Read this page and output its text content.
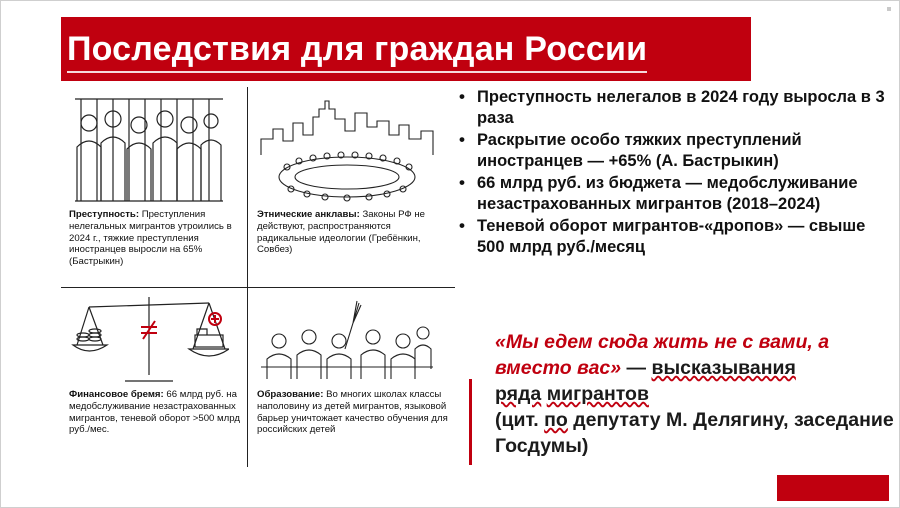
Последствия для граждан России
Преступность: Преступления нелегальных мигрантов утроились в 2024 г., тяжкие преступления иностранцев выросли на 65% (Бастрыкин)
Этнические анклавы: Законы РФ не действуют, распространяются радикальные идеологии (Гребёнкин, Совбез)
Финансовое бремя: 66 млрд руб. на медобслуживание незастрахованных мигрантов, теневой оборот >500 млрд руб./мес.
Образование: Во многих школах классы наполовину из детей мигрантов, языковой барьер уничтожает качество обучения для российских детей
• Преступность нелегалов в 2024 году выросла в 3 раза
• Раскрытие особо тяжких преступлений иностранцев — +65% (А. Бастрыкин)
• 66 млрд руб. из бюджета — медобслуживание незастрахованных мигрантов (2018–2024)
• Теневой оборот мигрантов-«дропов» — свыше 500 млрд руб./месяц
«Мы едем сюда жить не с вами, а вместо вас» — высказывания
ряда мигрантов
(цит. по депутату М. Делягину, заседание Госдумы)
